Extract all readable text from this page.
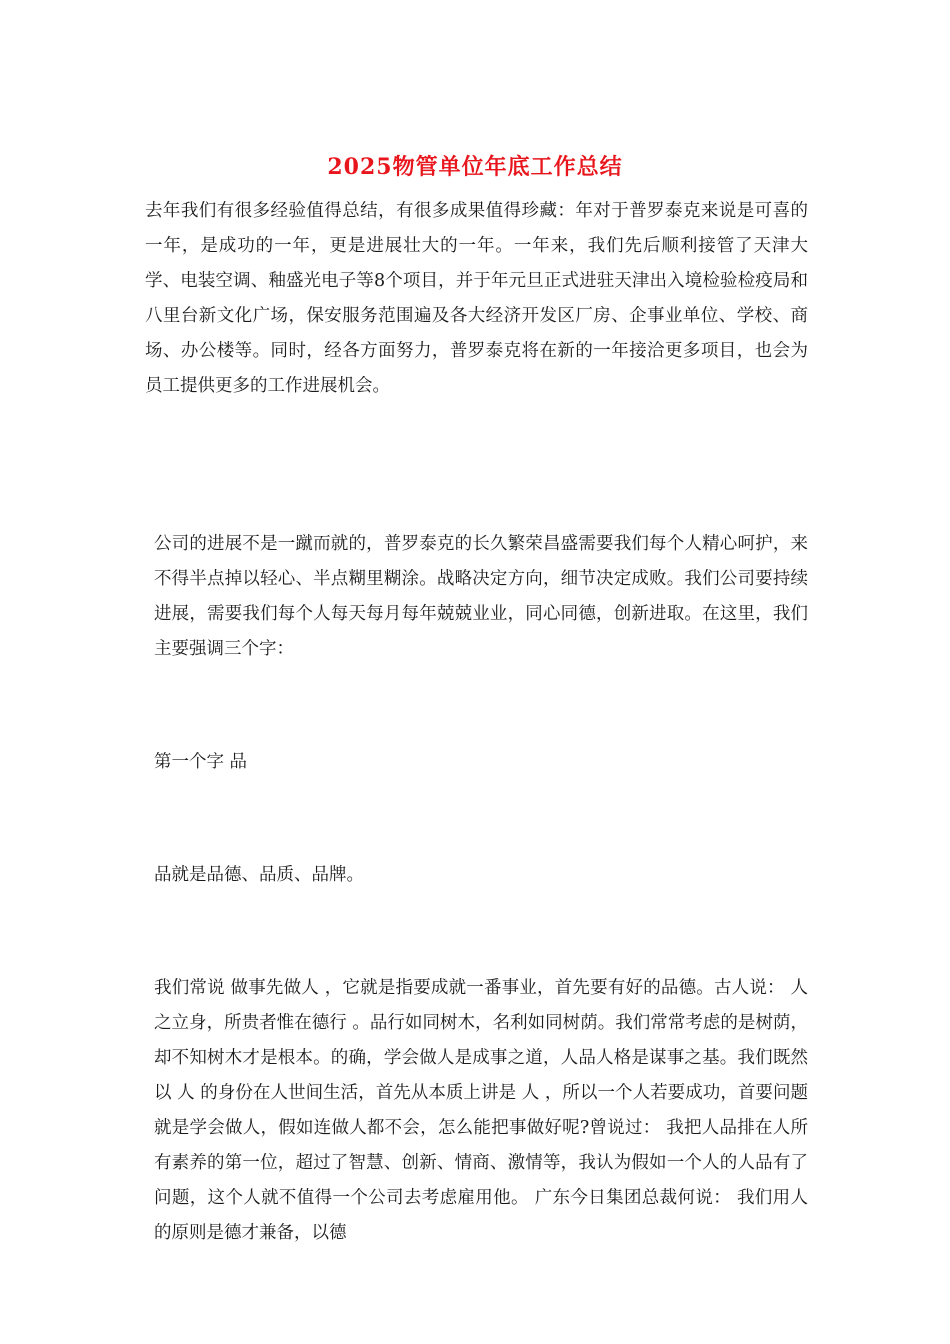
2025物管单位年底工作总结

去年我们有很多经验值得总结，有很多成果值得珍藏：年对于普罗泰克来说是可喜的一年，是成功的一年，更是进展壮大的一年。一年来，我们先后顺利接管了天津大学、电装空调、釉盛光电子等8个项目，并于年元旦正式进驻天津出入境检验检疫局和八里台新文化广场，保安服务范围遍及各大经济开发区厂房、企事业单位、学校、商场、办公楼等。同时，经各方面努力，普罗泰克将在新的一年接洽更多项目，也会为员工提供更多的工作进展机会。

公司的进展不是一蹴而就的，普罗泰克的长久繁荣昌盛需要我们每个人精心呵护，来不得半点掉以轻心、半点糊里糊涂。战略决定方向，细节决定成败。我们公司要持续进展，需要我们每个人每天每月每年兢兢业业，同心同德，创新进取。在这里，我们主要强调三个字：

第一个字 品

品就是品德、品质、品牌。

我们常说 做事先做人 ，它就是指要成就一番事业，首先要有好的品德。古人说： 人之立身，所贵者惟在德行 。品行如同树木，名利如同树荫。我们常常考虑的是树荫，却不知树木才是根本。的确，学会做人是成事之道，人品人格是谋事之基。我们既然以 人 的身份在人世间生活，首先从本质上讲是 人 ，所以一个人若要成功，首要问题就是学会做人，假如连做人都不会，怎么能把事做好呢?曾说过： 我把人品排在人所有素养的第一位，超过了智慧、创新、情商、激情等，我认为假如一个人的人品有了问题，这个人就不值得一个公司去考虑雇用他。 广东今日集团总裁何说： 我们用人的原则是德才兼备，以德
